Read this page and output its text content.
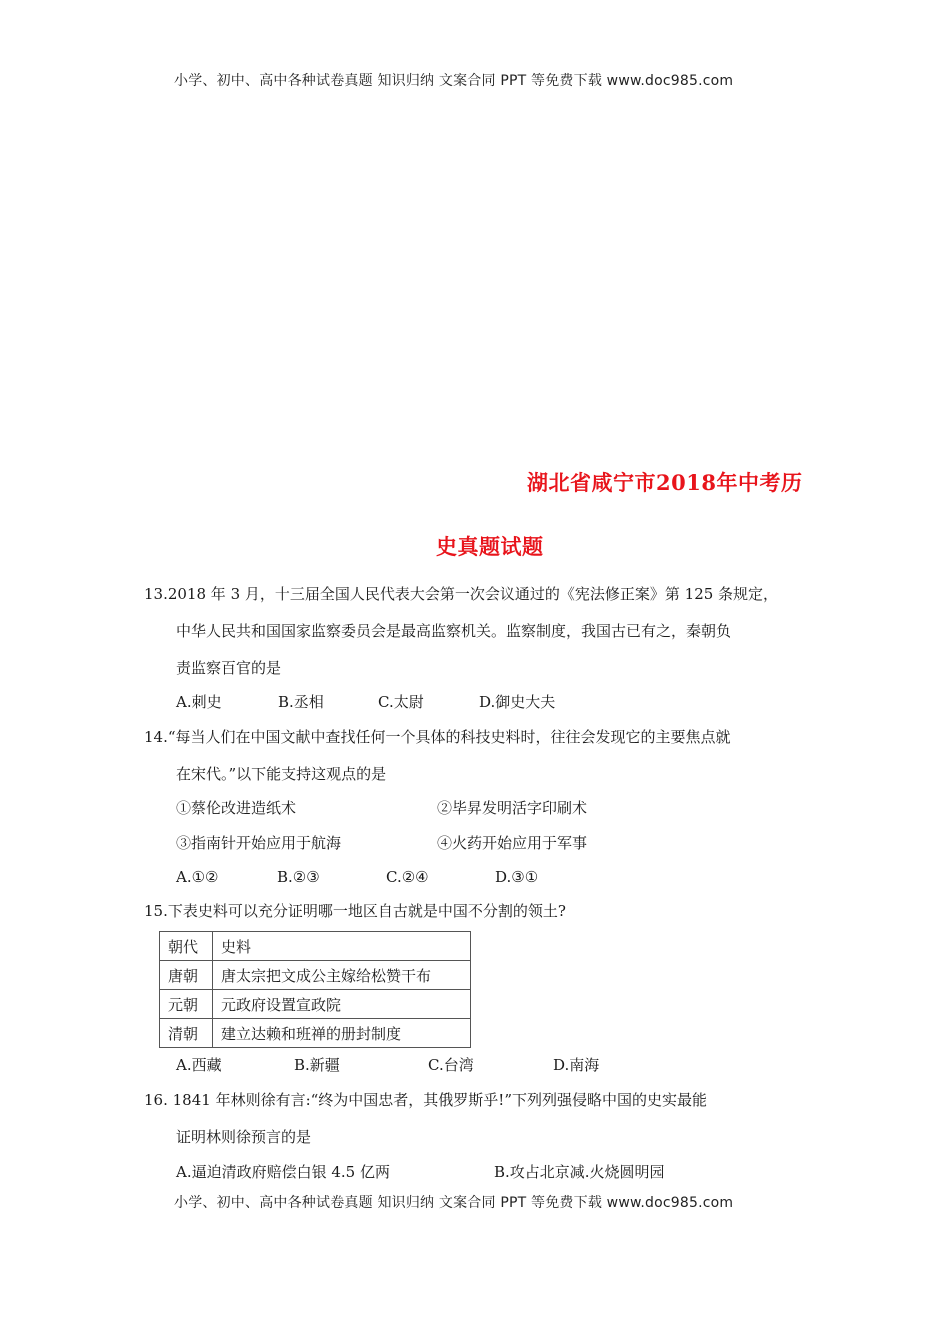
小学、初中、高中各种试卷真题 知识归纳 文案合同 PPT 等免费下载 www.doc985.com
湖北省咸宁市2018年中考历
史真题试题
13.2018 年 3 月，十三届全国人民代表大会第一次会议通过的《宪法修正案》第 125 条规定，
中华人民共和国国家监察委员会是最高监察机关。监察制度，我国古已有之，秦朝负
责监察百官的是
A.刺史	B.丞相	C.太尉	D.御史大夫
14.“每当人们在中国文献中查找任何一个具体的科技史料时，往往会发现它的主要焦点就
在宋代。”以下能支持这观点的是
①蔡伦改进造纸术	②毕昇发明活字印刷术
③指南针开始应用于航海	④火药开始应用于军事
A.①②	B.②③	C.②④	D.③①
15.下表史料可以充分证明哪一地区自古就是中国不分割的领土?
朝代	史料
唐朝	唐太宗把文成公主嫁给松赞干布
元朝	元政府设置宣政院
清朝	建立达赖和班禅的册封制度
A.西藏	B.新疆	C.台湾	D.南海
16. 1841 年林则徐有言:“终为中国忠者，其俄罗斯乎!”下列列强侵略中国的史实最能
证明林则徐预言的是
A.逼迫清政府赔偿白银 4.5 亿两	B.攻占北京减.火烧圆明园
小学、初中、高中各种试卷真题 知识归纳 文案合同 PPT 等免费下载 www.doc985.com
